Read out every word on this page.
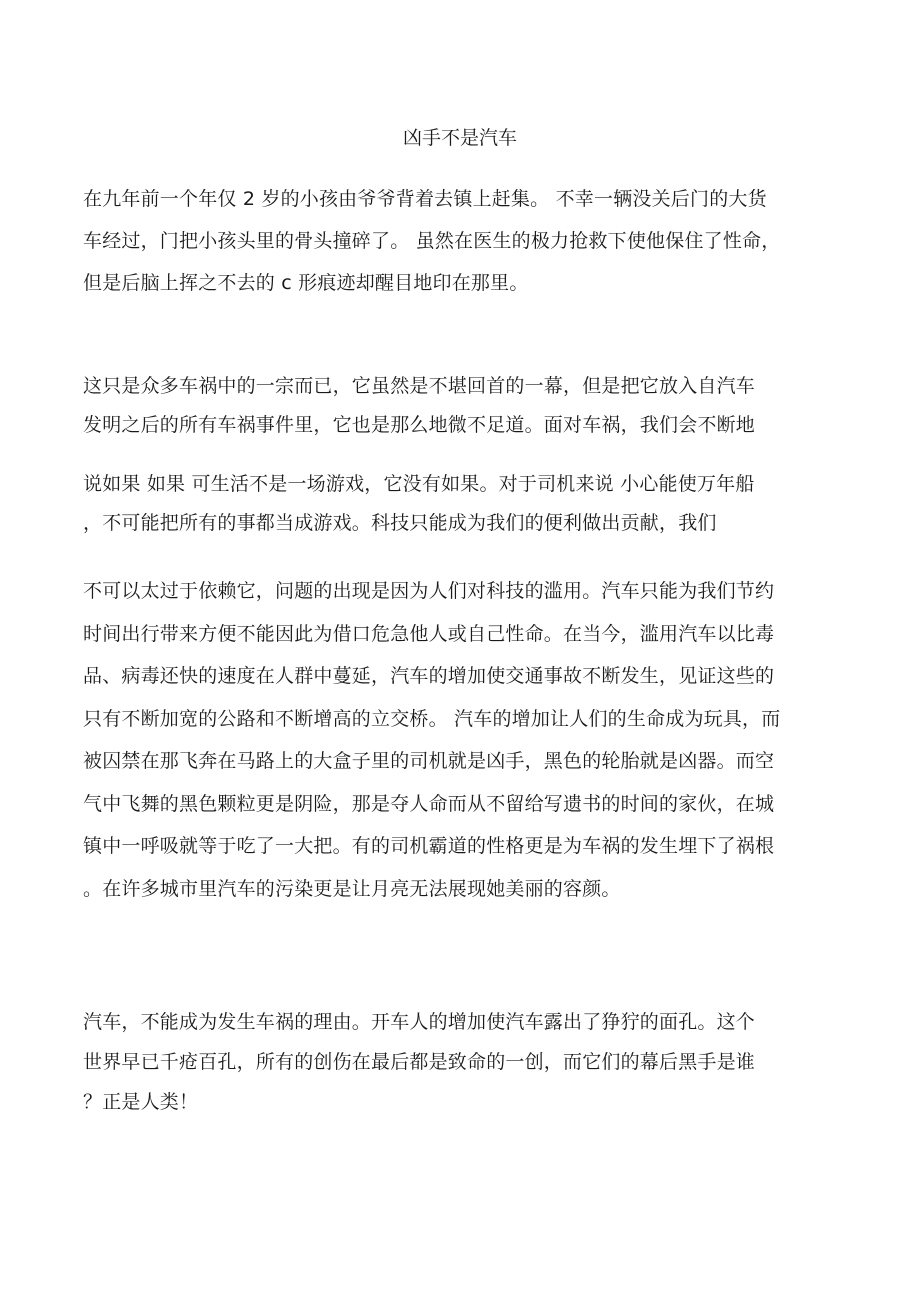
凶手不是汽车
在九年前一个年仅 2 岁的小孩由爷爷背着去镇上赶集。 不幸一辆没关后门的大货
车经过，门把小孩头里的骨头撞碎了。 虽然在医生的极力抢救下使他保住了性命，
但是后脑上挥之不去的 c 形痕迹却醒目地印在那里。
这只是众多车祸中的一宗而已，它虽然是不堪回首的一幕，但是把它放入自汽车
发明之后的所有车祸事件里，它也是那么地微不足道。面对车祸，我们会不断地
说如果 如果 可生活不是一场游戏，它没有如果。对于司机来说 小心能使万年船
，不可能把所有的事都当成游戏。科技只能成为我们的便利做出贡献，我们
不可以太过于依赖它，问题的出现是因为人们对科技的滥用。汽车只能为我们节约
时间出行带来方便不能因此为借口危急他人或自己性命。在当今，滥用汽车以比毒
品、病毒还快的速度在人群中蔓延，汽车的增加使交通事故不断发生，见证这些的
只有不断加宽的公路和不断增高的立交桥。 汽车的增加让人们的生命成为玩具，而
被囚禁在那飞奔在马路上的大盒子里的司机就是凶手，黑色的轮胎就是凶器。而空
气中飞舞的黑色颗粒更是阴险，那是夺人命而从不留给写遗书的时间的家伙，在城
镇中一呼吸就等于吃了一大把。有的司机霸道的性格更是为车祸的发生埋下了祸根
。在许多城市里汽车的污染更是让月亮无法展现她美丽的容颜。
汽车，不能成为发生车祸的理由。开车人的增加使汽车露出了狰狞的面孔。这个
世界早已千疮百孔，所有的创伤在最后都是致命的一创，而它们的幕后黑手是谁
？正是人类！
